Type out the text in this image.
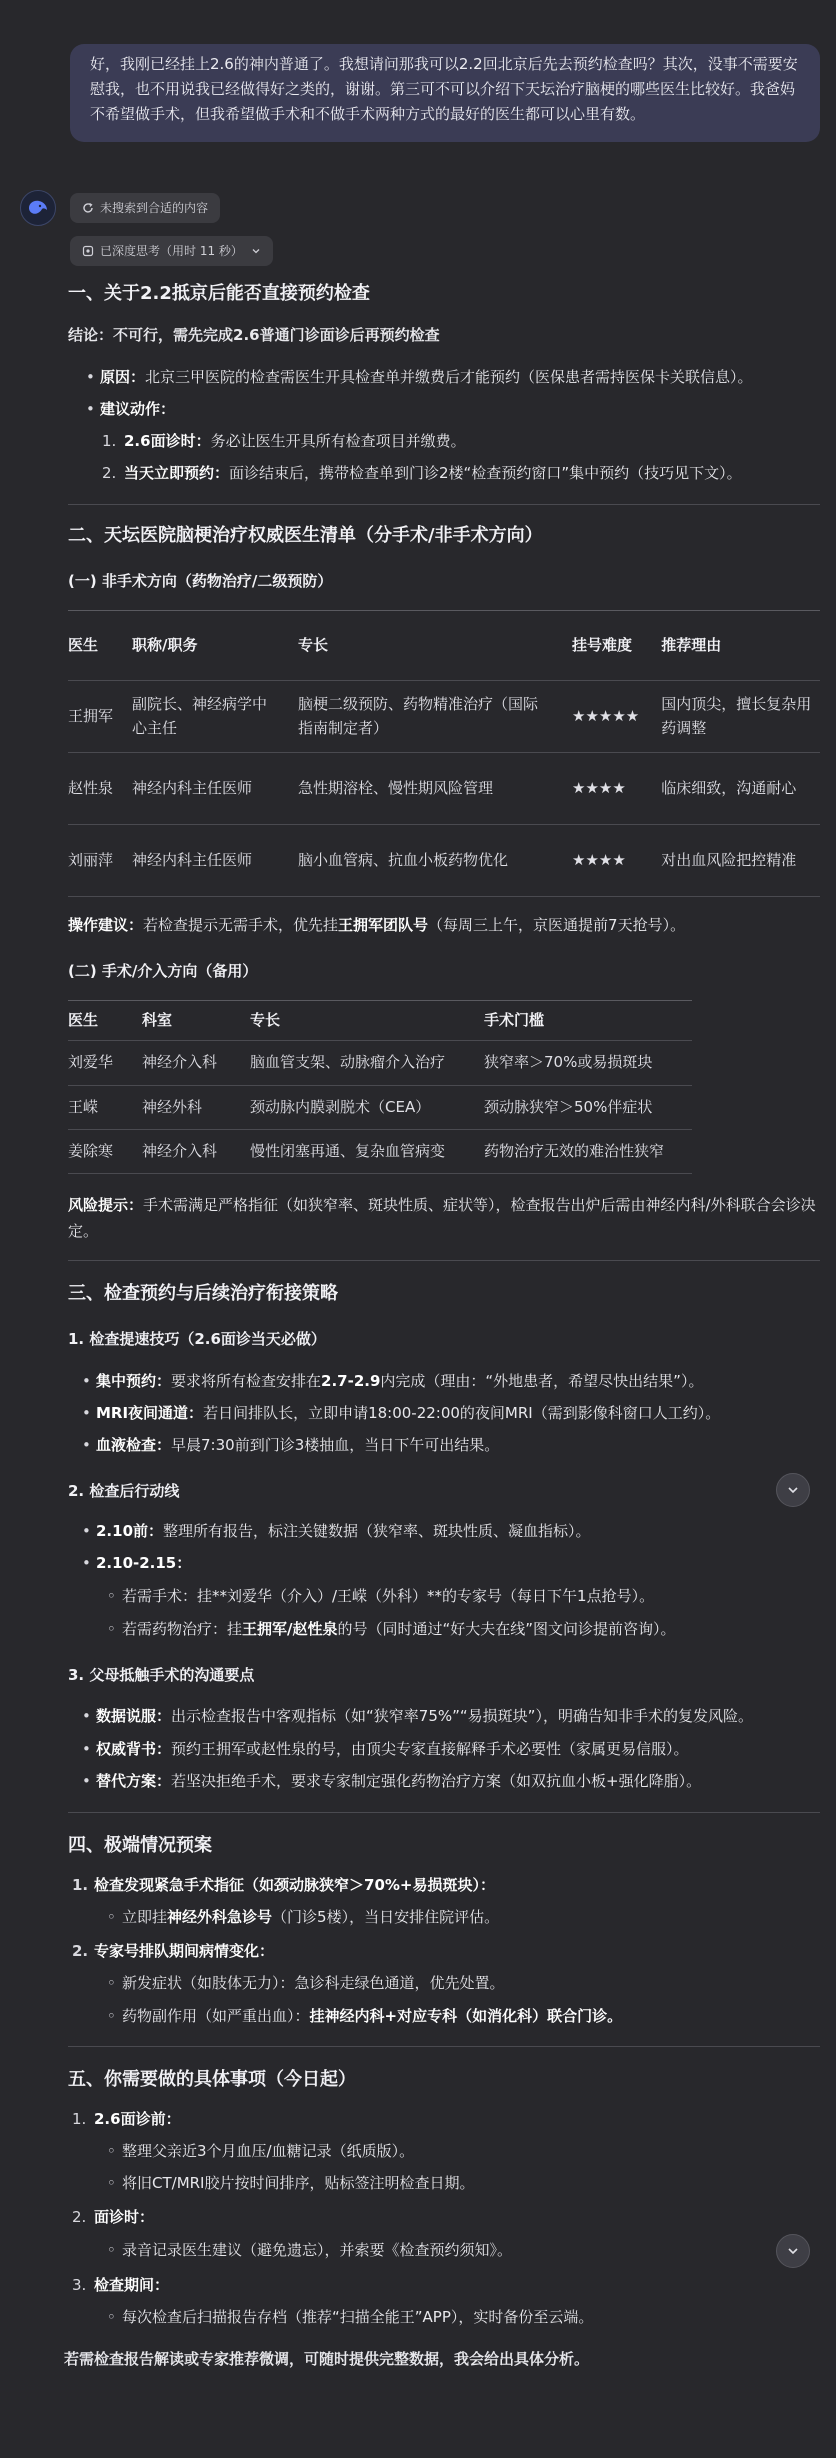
好，我刚已经挂上2.6的神内普通了。我想请问那我可以2.2回北京后先去预约检查吗？其次，没事不需要安慰我，也不用说我已经做得好之类的，谢谢。第三可不可以介绍下天坛治疗脑梗的哪些医生比较好。我爸妈不希望做手术，但我希望做手术和不做手术两种方式的最好的医生都可以心里有数。
未搜索到合适的内容
已深度思考（用时 11 秒）
一、关于2.2抵京后能否直接预约检查

结论：不可行，需先完成2.6普通门诊面诊后再预约检查

• 原因：北京三甲医院的检查需医生开具检查单并缴费后才能预约（医保患者需持医保卡关联信息）。
• 建议动作：
1. 2.6面诊时：务必让医生开具所有检查项目并缴费。
2. 当天立即预约：面诊结束后，携带检查单到门诊2楼“检查预约窗口”集中预约（技巧见下文）。
二、天坛医院脑梗治疗权威医生清单（分手术/非手术方向）
(一) 非手术方向（药物治疗/二级预防）
医生	职称/职务	专长	挂号难度	推荐理由
王拥军	副院长、神经病学中心主任	脑梗二级预防、药物精准治疗（国际指南制定者）	★★★★★	国内顶尖，擅长复杂用药调整
赵性泉	神经内科主任医师	急性期溶栓、慢性期风险管理	★★★★	临床细致，沟通耐心
刘丽萍	神经内科主任医师	脑小血管病、抗血小板药物优化	★★★★	对出血风险把控精准

操作建议：若检查提示无需手术，优先挂王拥军团队号（每周三上午，京医通提前7天抢号）。

(二) 手术/介入方向（备用）
医生	科室	专长	手术门槛
刘爱华	神经介入科	脑血管支架、动脉瘤介入治疗	狭窄率＞70%或易损斑块
王嵘	神经外科	颈动脉内膜剥脱术（CEA）	颈动脉狭窄＞50%伴症状
姜除寒	神经介入科	慢性闭塞再通、复杂血管病变	药物治疗无效的难治性狭窄

风险提示：手术需满足严格指征（如狭窄率、斑块性质、症状等），检查报告出炉后需由神经内科/外科联合会诊决定。

三、检查预约与后续治疗衔接策略
1. 检查提速技巧（2.6面诊当天必做）
• 集中预约：要求将所有检查安排在2.7-2.9内完成（理由：“外地患者，希望尽快出结果”）。
• MRI夜间通道：若日间排队长，立即申请18:00-22:00的夜间MRI（需到影像科窗口人工约）。
• 血液检查：早晨7:30前到门诊3楼抽血，当日下午可出结果。
2. 检查后行动线
• 2.10前：整理所有报告，标注关键数据（狭窄率、斑块性质、凝血指标）。
• 2.10-2.15：
◦ 若需手术：挂**刘爱华（介入）/王嵘（外科）**的专家号（每日下午1点抢号）。
◦ 若需药物治疗：挂王拥军/赵性泉的号（同时通过“好大夫在线”图文问诊提前咨询）。
3. 父母抵触手术的沟通要点
• 数据说服：出示检查报告中客观指标（如“狭窄率75%”“易损斑块”），明确告知非手术的复发风险。
• 权威背书：预约王拥军或赵性泉的号，由顶尖专家直接解释手术必要性（家属更易信服）。
• 替代方案：若坚决拒绝手术，要求专家制定强化药物治疗方案（如双抗血小板+强化降脂）。
四、极端情况预案
1. 检查发现紧急手术指征（如颈动脉狭窄＞70%+易损斑块）：
◦ 立即挂神经外科急诊号（门诊5楼），当日安排住院评估。
2. 专家号排队期间病情变化：
◦ 新发症状（如肢体无力）：急诊科走绿色通道，优先处置。
◦ 药物副作用（如严重出血）：挂神经内科+对应专科（如消化科）联合门诊。
五、你需要做的具体事项（今日起）
1. 2.6面诊前：
◦ 整理父亲近3个月血压/血糖记录（纸质版）。
◦ 将旧CT/MRI胶片按时间排序，贴标签注明检查日期。
2. 面诊时：
◦ 录音记录医生建议（避免遗忘），并索要《检查预约须知》。
3. 检查期间：
◦ 每次检查后扫描报告存档（推荐“扫描全能王”APP），实时备份至云端。

若需检查报告解读或专家推荐微调，可随时提供完整数据，我会给出具体分析。
